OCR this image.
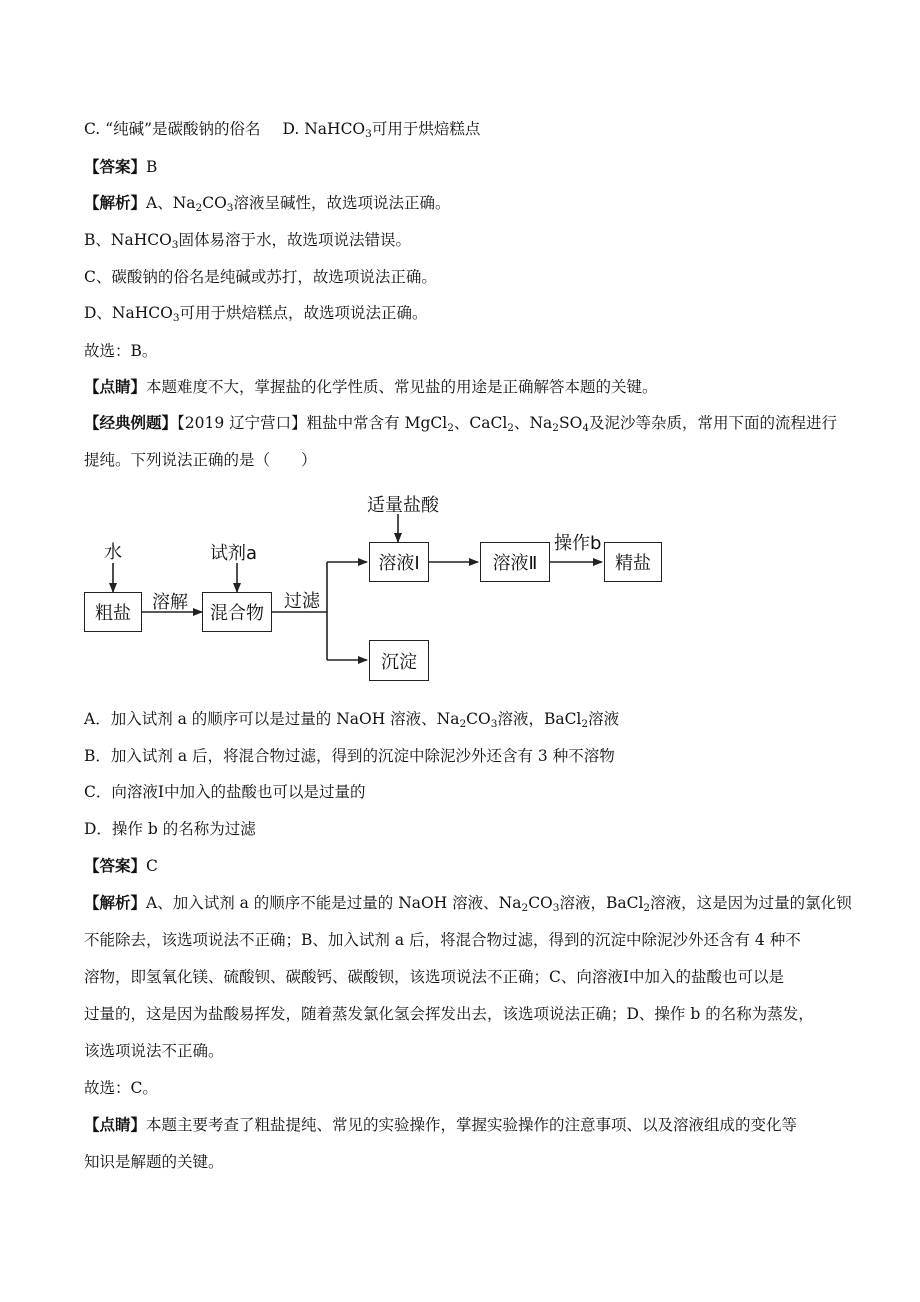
C. “纯碱”是碳酸钠的俗名 D. NaHCO$_3$可用于烘焙糕点
【答案】B
【解析】A、$Na_2CO_3$溶液呈碱性，故选项说法正确。
B、NaHCO$_3$固体易溶于水，故选项说法错误。
C、碳酸钠的俗名是纯碱或苏打，故选项说法正确。
D、NaHCO$_3$可用于烘焙糕点，故选项说法正确。
故选：B。
【点睛】本题难度不大，掌握盐的化学性质、常见盐的用途是正确解答本题的关键。
【经典例题】【2019 辽宁营口】粗盐中常含有 MgCl$_2$、CaCl$_2$、$Na_2SO_4$及泥沙等杂质，常用下面的流程进行
提纯。下列说法正确的是（　　）
水
粗盐
溶解
试剂a
混合物
过滤
适量盐酸
溶液Ⅰ	溶液Ⅱ
操作b
精盐
沉淀
A．加入试剂 a 的顺序可以是过量的 NaOH 溶液、$Na_2CO_3$溶液，BaCl$_2$溶液
B．加入试剂 a 后，将混合物过滤，得到的沉淀中除泥沙外还含有 3 种不溶物
C．向溶液Ⅰ中加入的盐酸也可以是过量的
D．操作 b 的名称为过滤
【答案】C
【解析】A、加入试剂 a 的顺序不能是过量的 NaOH 溶液、$Na_2CO_3$溶液，BaCl$_2$溶液，这是因为过量的氯化钡
不能除去，该选项说法不正确；B、加入试剂 a 后，将混合物过滤，得到的沉淀中除泥沙外还含有 4 种不
溶物，即氢氧化镁、硫酸钡、碳酸钙、碳酸钡，该选项说法不正确；C、向溶液Ⅰ中加入的盐酸也可以是
过量的，这是因为盐酸易挥发，随着蒸发氯化氢会挥发出去，该选项说法正确；D、操作 b 的名称为蒸发，
该选项说法不正确。
故选：C。
【点睛】本题主要考查了粗盐提纯、常见的实验操作，掌握实验操作的注意事项、以及溶液组成的变化等
知识是解题的关键。
